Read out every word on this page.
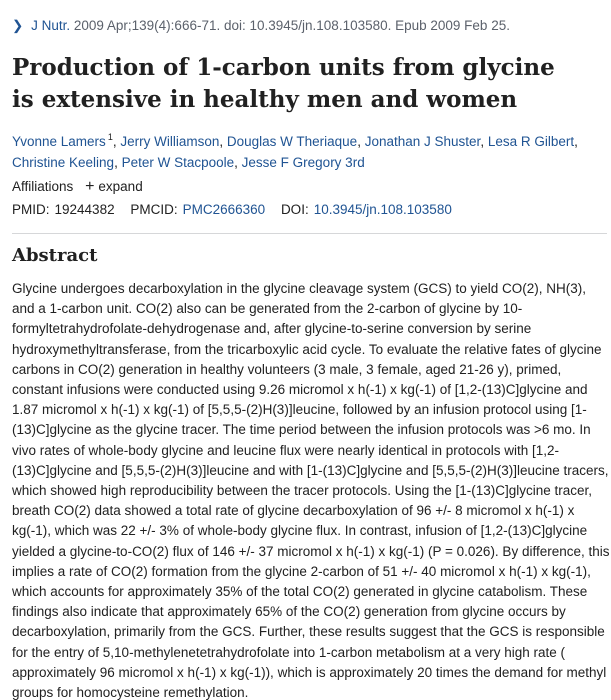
❯ J Nutr. 2009 Apr;139(4):666-71. doi: 10.3945/jn.108.103580. Epub 2009 Feb 25.
Production of 1-carbon units from glycine is extensive in healthy men and women
Yvonne Lamers $^1$, Jerry Williamson, Douglas W Theriaque, Jonathan J Shuster, Lesa R Gilbert,
Christine Keeling, Peter W Stacpoole, Jesse F Gregory 3rd
Affiliations + expand
PMID: 19244382 PMCID: PMC2666360 DOI: 10.3945/jn.108.103580
Abstract

Glycine undergoes decarboxylation in the glycine cleavage system (GCS) to yield CO(2), NH(3), and a 1-carbon unit. CO(2) also can be generated from the 2-carbon of glycine by 10-formyltetrahydrofolate-dehydrogenase and, after glycine-to-serine conversion by serine hydroxymethyltransferase, from the tricarboxylic acid cycle. To evaluate the relative fates of glycine carbons in CO(2) generation in healthy volunteers (3 male, 3 female, aged 21-26 y), primed, constant infusions were conducted using 9.26 micromol x h(-1) x kg(-1) of [1,2-(13)C]glycine and 1.87 micromol x h(-1) x kg(-1) of [5,5,5-(2)H(3)]leucine, followed by an infusion protocol using [1-(13)C]glycine as the glycine tracer. The time period between the infusion protocols was >6 mo. In vivo rates of whole-body glycine and leucine flux were nearly identical in protocols with [1,2-(13)C]glycine and [5,5,5-(2)H(3)]leucine and with [1-(13)C]glycine and [5,5,5-(2)H(3)]leucine tracers, which showed high reproducibility between the tracer protocols. Using the [1-(13)C]glycine tracer, breath CO(2) data showed a total rate of glycine decarboxylation of 96 +/- 8 micromol x h(-1) x kg(-1), which was 22 +/- 3% of whole-body glycine flux. In contrast, infusion of [1,2-(13)C]glycine yielded a glycine-to-CO(2) flux of 146 +/- 37 micromol x h(-1) x kg(-1) (P = 0.026). By difference, this implies a rate of CO(2) formation from the glycine 2-carbon of 51 +/- 40 micromol x h(-1) x kg(-1), which accounts for approximately 35% of the total CO(2) generated in glycine catabolism. These findings also indicate that approximately 65% of the CO(2) generation from glycine occurs by decarboxylation, primarily from the GCS. Further, these results suggest that the GCS is responsible for the entry of 5,10-methylenetetrahydrofolate into 1-carbon metabolism at a very high rate ( approximately 96 micromol x h(-1) x kg(-1)), which is approximately 20 times the demand for methyl groups for homocysteine remethylation.
